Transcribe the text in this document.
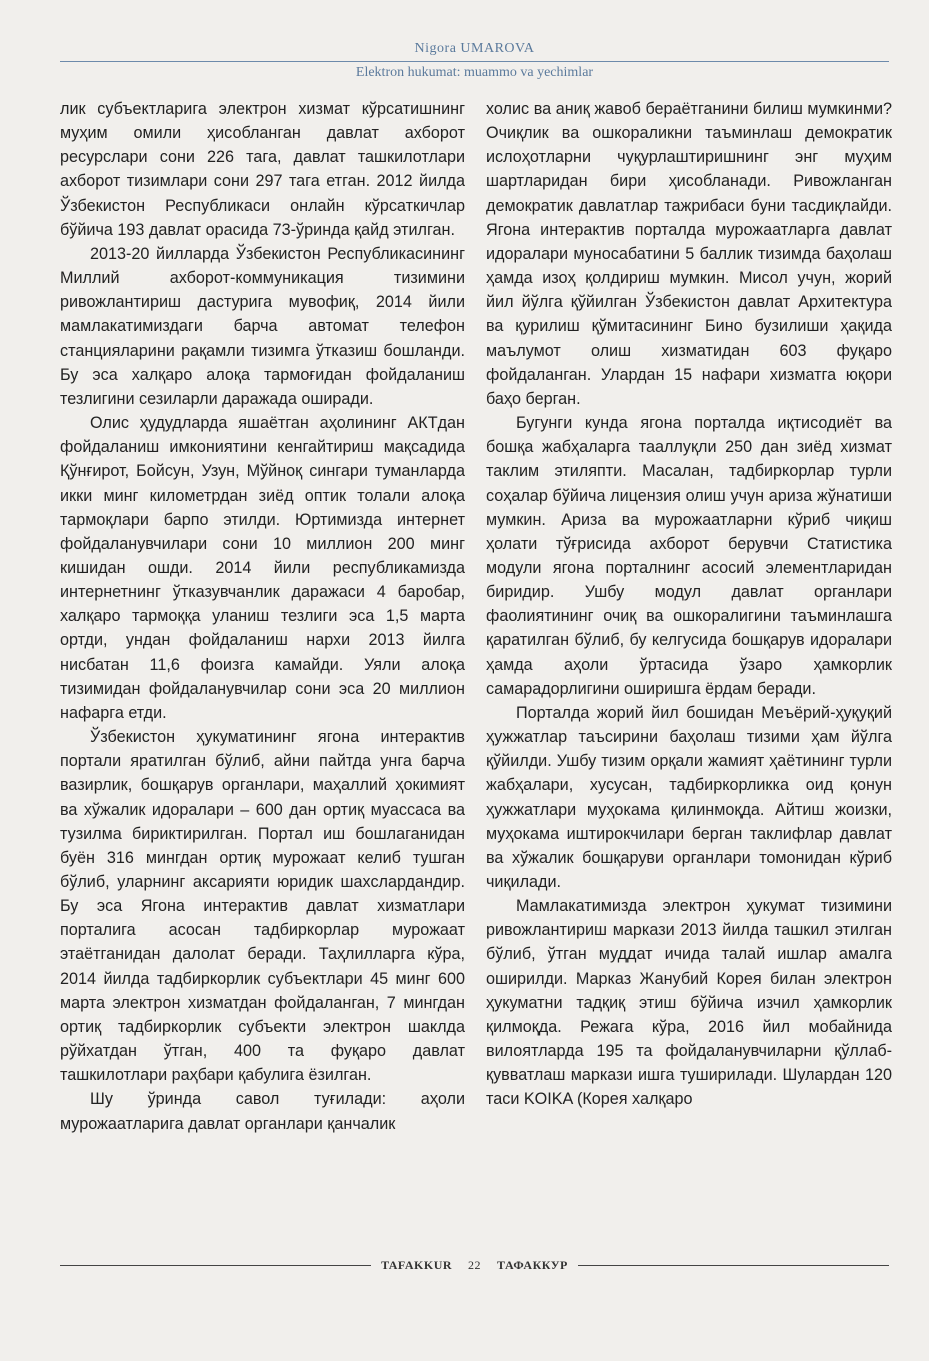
Nigora UMAROVA
Elektron hukumat: muammo va yechimlar

лик субъектларига электрон хизмат кўрсатишнинг муҳим омили ҳисобланган давлат ахборот ресурслари сони 226 тага, давлат ташкилотлари ахборот тизимлари сони 297 тага етган. 2012 йилда Ўзбекистон Республикаси онлайн кўрсаткичлар бўйича 193 давлат орасида 73-ўринда қайд этилган.

2013-20 йилларда Ўзбекистон Республикасининг Миллий ахборот-коммуникация тизимини ривожлантириш дастурига мувофиқ, 2014 йили мамлакатимиздаги барча автомат телефон станцияларини рақамли тизимга ўтказиш бошланди. Бу эса халқаро алоқа тармоғидан фойдаланиш тезлигини сезиларли даражада оширади.

Олис ҳудудларда яшаётган аҳолининг АКТдан фойдаланиш имкониятини кенгайтириш мақсадида Қўнғирот, Бойсун, Узун, Мўйноқ сингари туманларда икки минг километрдан зиёд оптик толали алоқа тармоқлари барпо этилди. Юртимизда интернет фойдаланувчилари сони 10 миллион 200 минг кишидан ошди. 2014 йили республикамизда интернетнинг ўтказувчанлик даражаси 4 баробар, халқаро тармоққа уланиш тезлиги эса 1,5 марта ортди, ундан фойдаланиш нархи 2013 йилга нисбатан 11,6 фоизга камайди. Уяли алоқа тизимидан фойдаланувчилар сони эса 20 миллион нафарга етди.

Ўзбекистон ҳукуматининг ягона интерактив портали яратилган бўлиб, айни пайтда унга барча вазирлик, бошқарув органлари, маҳаллий ҳокимият ва хўжалик идоралари – 600 дан ортиқ муассаса ва тузилма бириктирилган. Портал иш бошлаганидан буён 316 мингдан ортиқ мурожаат келиб тушган бўлиб, уларнинг аксарияти юридик шахслардандир. Бу эса Ягона интерактив давлат хизматлари порталига асосан тадбиркорлар мурожаат этаётганидан далолат беради. Таҳлилларга кўра, 2014 йилда тадбиркорлик субъектлари 45 минг 600 марта электрон хизматдан фойдаланган, 7 мингдан ортиқ тадбиркорлик субъекти электрон шаклда рўйхатдан ўтган, 400 та фуқаро давлат ташкилотлари раҳбари қабулига ёзилган.

Шу ўринда савол туғилади: аҳоли мурожаатларига давлат органлари қанчалик

холис ва аниқ жавоб бераётганини билиш мумкинми? Очиқлик ва ошкораликни таъминлаш демократик ислоҳотларни чуқурлаштиришнинг энг муҳим шартларидан бири ҳисобланади. Ривожланган демократик давлатлар тажрибаси буни тасдиқлайди. Ягона интерактив порталда мурожаатларга давлат идоралари муносабатини 5 баллик тизимда баҳолаш ҳамда изоҳ қолдириш мумкин. Мисол учун, жорий йил йўлга қўйилган Ўзбекистон давлат Архитектура ва қурилиш қўмитасининг Бино бузилиши ҳақида маълумот олиш хизматидан 603 фуқаро фойдаланган. Улардан 15 нафари хизматга юқори баҳо берган.

Бугунги кунда ягона порталда иқтисодиёт ва бошқа жабҳаларга тааллуқли 250 дан зиёд хизмат таклим этиляпти. Масалан, тадбиркорлар турли соҳалар бўйича лицензия олиш учун ариза жўнатиши мумкин. Ариза ва мурожаатларни кўриб чиқиш ҳолати тўғрисида ахборот берувчи Статистика модули ягона порталнинг асосий элементларидан биридир. Ушбу модул давлат органлари фаолиятининг очиқ ва ошкоралигини таъминлашга қаратилган бўлиб, бу келгусида бошқарув идоралари ҳамда аҳоли ўртасида ўзаро ҳамкорлик самарадорлигини оширишга ёрдам беради.

Порталда жорий йил бошидан Меъёрий-ҳуқуқий ҳужжатлар таъсирини баҳолаш тизими ҳам йўлга қўйилди. Ушбу тизим орқали жамият ҳаётининг турли жабҳалари, хусусан, тадбиркорликка оид қонун ҳужжатлари муҳокама қилинмоқда. Айтиш жоизки, муҳокама иштирокчилари берган таклифлар давлат ва хўжалик бошқаруви органлари томонидан кўриб чиқилади.

Мамлакатимизда электрон ҳукумат тизимини ривожлантириш маркази 2013 йилда ташкил этилган бўлиб, ўтган муддат ичида талай ишлар амалга оширилди. Марказ Жанубий Корея билан электрон ҳукуматни тадқиқ этиш бўйича изчил ҳамкорлик қилмоқда. Режага кўра, 2016 йил мобайнида вилоятларда 195 та фойдаланувчиларни қўллаб-қувватлаш маркази ишга туширилади. Шулардан 120 таси KOIKA (Корея халқаро

TAFAKKUR	22	ТАФАККУР
